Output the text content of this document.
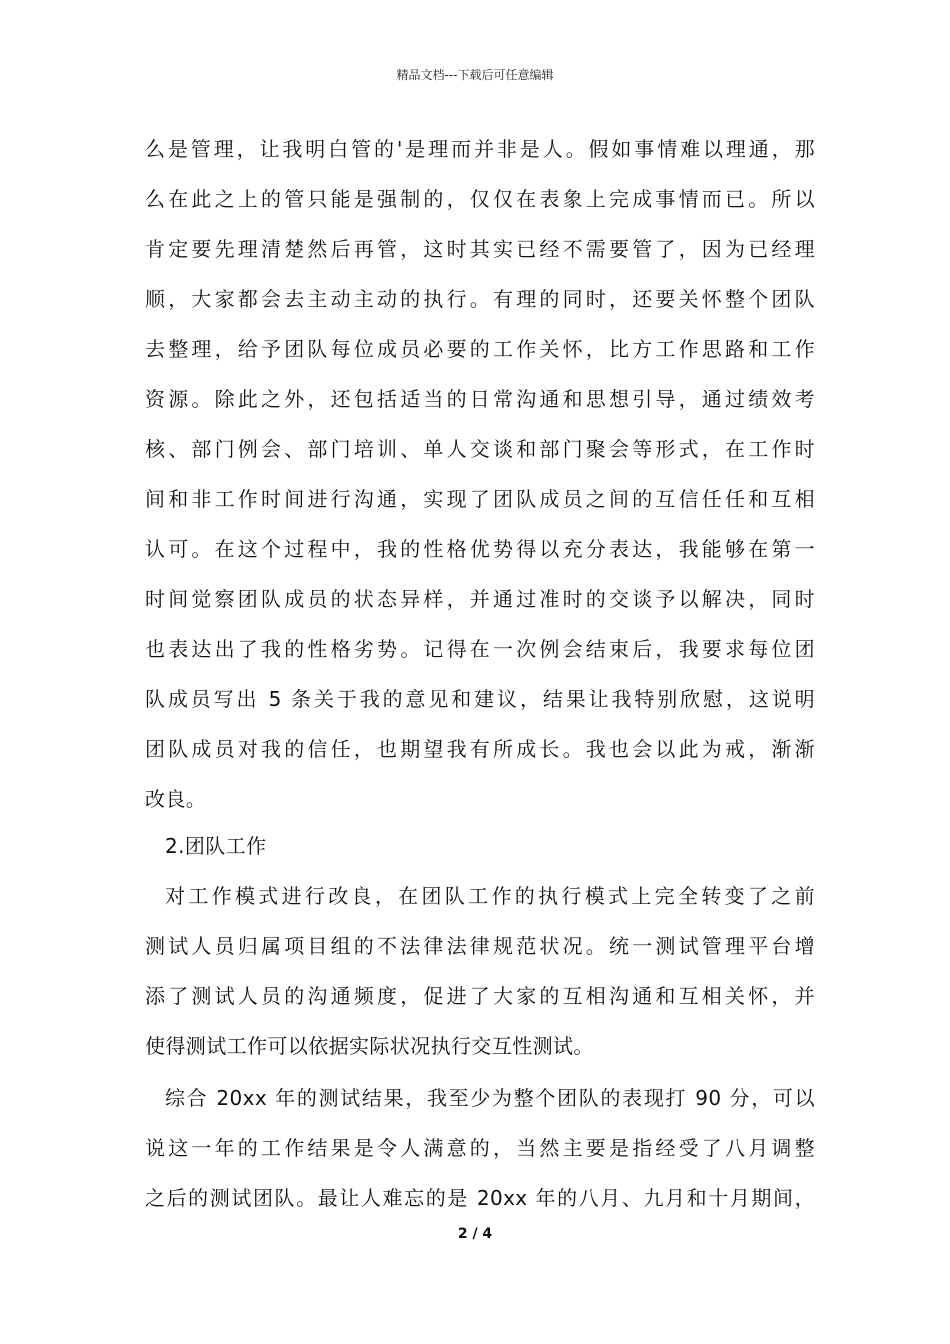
精品文档---下载后可任意编辑
么是管理，让我明白管的'是理而并非是人。假如事情难以理通，那
么在此之上的管只能是强制的，仅仅在表象上完成事情而已。所以
肯定要先理清楚然后再管，这时其实已经不需要管了，因为已经理
顺，大家都会去主动主动的执行。有理的同时，还要关怀整个团队
去整理，给予团队每位成员必要的工作关怀，比方工作思路和工作
资源。除此之外，还包括适当的日常沟通和思想引导，通过绩效考
核、部门例会、部门培训、单人交谈和部门聚会等形式，在工作时
间和非工作时间进行沟通，实现了团队成员之间的互信任任和互相
认可。在这个过程中，我的性格优势得以充分表达，我能够在第一
时间觉察团队成员的状态异样，并通过准时的交谈予以解决，同时
也表达出了我的性格劣势。记得在一次例会结束后，我要求每位团
队成员写出 5 条关于我的意见和建议，结果让我特别欣慰，这说明
团队成员对我的信任，也期望我有所成长。我也会以此为戒，渐渐
改良。
2.团队工作
对工作模式进行改良，在团队工作的执行模式上完全转变了之前
测试人员归属项目组的不法律法律规范状况。统一测试管理平台增
添了测试人员的沟通频度，促进了大家的互相沟通和互相关怀，并
使得测试工作可以依据实际状况执行交互性测试。
综合 20xx 年的测试结果，我至少为整个团队的表现打 90 分，可以
说这一年的工作结果是令人满意的，当然主要是指经受了八月调整
之后的测试团队。最让人难忘的是 20xx 年的八月、九月和十月期间，
2 / 4
